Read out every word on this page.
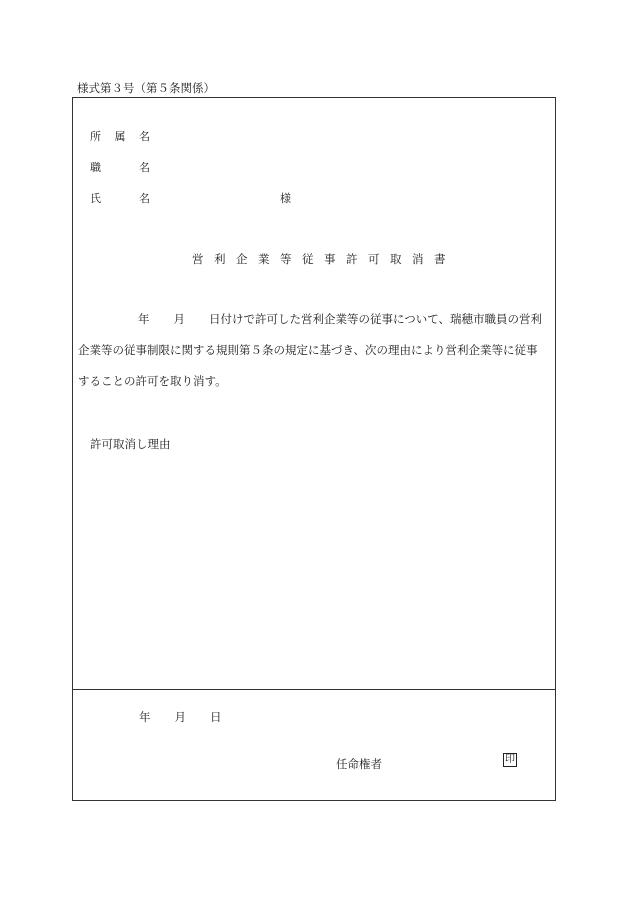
様式第３号（第５条関係）
所 属 名
職	名
氏	名	様
営利企業等従事許可取消書
年 月 日付けで許可した営利企業等の従事について、瑞穂市職員の営利
企業等の従事制限に関する規則第５条の規定に基づき、次の理由により営利企業等に従事
することの許可を取り消す。
許可取消し理由
年 月 日
任命権者	印
